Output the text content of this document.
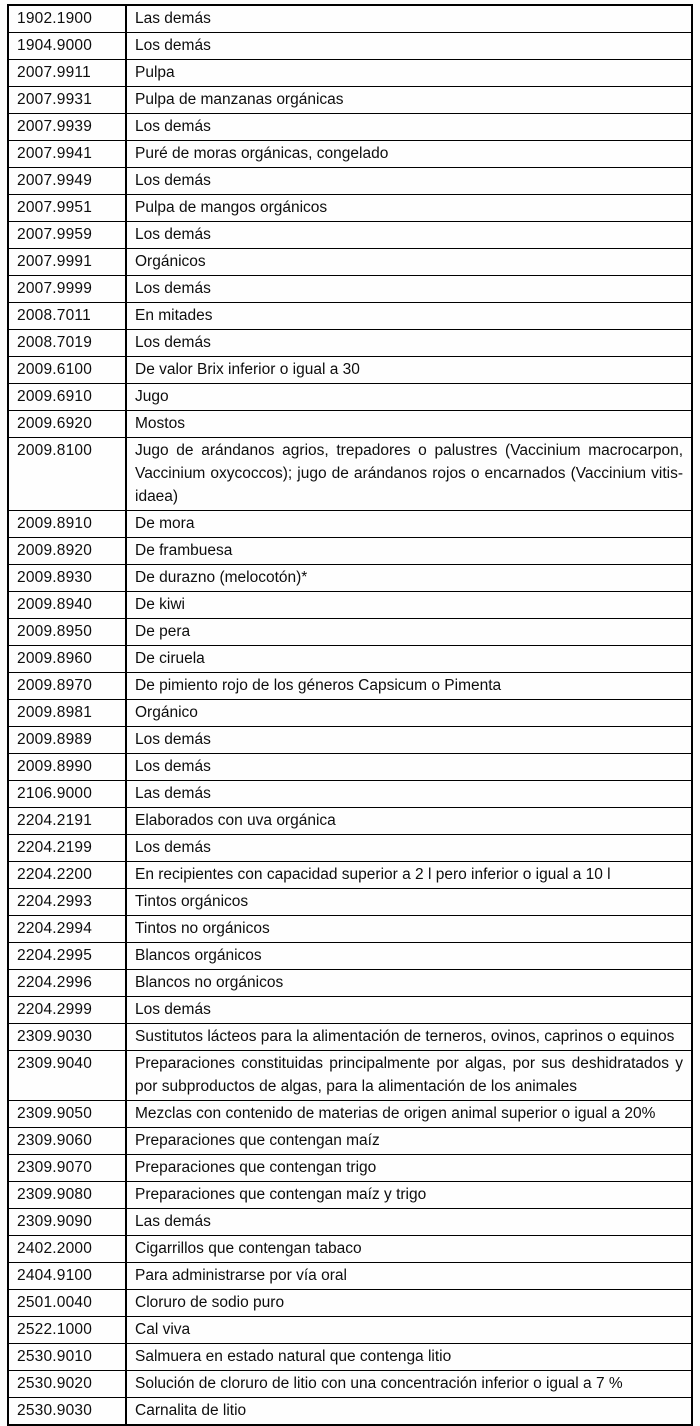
1902.1900	Las demás
1904.9000	Los demás
2007.9911	Pulpa
2007.9931	Pulpa de manzanas orgánicas
2007.9939	Los demás
2007.9941	Puré de moras orgánicas, congelado
2007.9949	Los demás
2007.9951	Pulpa de mangos orgánicos
2007.9959	Los demás
2007.9991	Orgánicos
2007.9999	Los demás
2008.7011	En mitades
2008.7019	Los demás
2009.6100	De valor Brix inferior o igual a 30
2009.6910	Jugo
2009.6920	Mostos
2009.8100	Jugo de arándanos agrios, trepadores o palustres (Vaccinium macrocarpon, Vaccinium oxycoccos); jugo de arándanos rojos o encarnados (Vaccinium vitis-idaea)
2009.8910	De mora
2009.8920	De frambuesa
2009.8930	De durazno (melocotón)*
2009.8940	De kiwi
2009.8950	De pera
2009.8960	De ciruela
2009.8970	De pimiento rojo de los géneros Capsicum o Pimenta
2009.8981	Orgánico
2009.8989	Los demás
2009.8990	Los demás
2106.9000	Las demás
2204.2191	Elaborados con uva orgánica
2204.2199	Los demás
2204.2200	En recipientes con capacidad superior a 2 l pero inferior o igual a 10 l
2204.2993	Tintos orgánicos
2204.2994	Tintos no orgánicos
2204.2995	Blancos orgánicos
2204.2996	Blancos no orgánicos
2204.2999	Los demás
2309.9030	Sustitutos lácteos para la alimentación de terneros, ovinos, caprinos o equinos
2309.9040	Preparaciones constituidas principalmente por algas, por sus deshidratados y por subproductos de algas, para la alimentación de los animales
2309.9050	Mezclas con contenido de materias de origen animal superior o igual a 20%
2309.9060	Preparaciones que contengan maíz
2309.9070	Preparaciones que contengan trigo
2309.9080	Preparaciones que contengan maíz y trigo
2309.9090	Las demás
2402.2000	Cigarrillos que contengan tabaco
2404.9100	Para administrarse por vía oral
2501.0040	Cloruro de sodio puro
2522.1000	Cal viva
2530.9010	Salmuera en estado natural que contenga litio
2530.9020	Solución de cloruro de litio con una concentración inferior o igual a 7 %
2530.9030	Carnalita de litio
